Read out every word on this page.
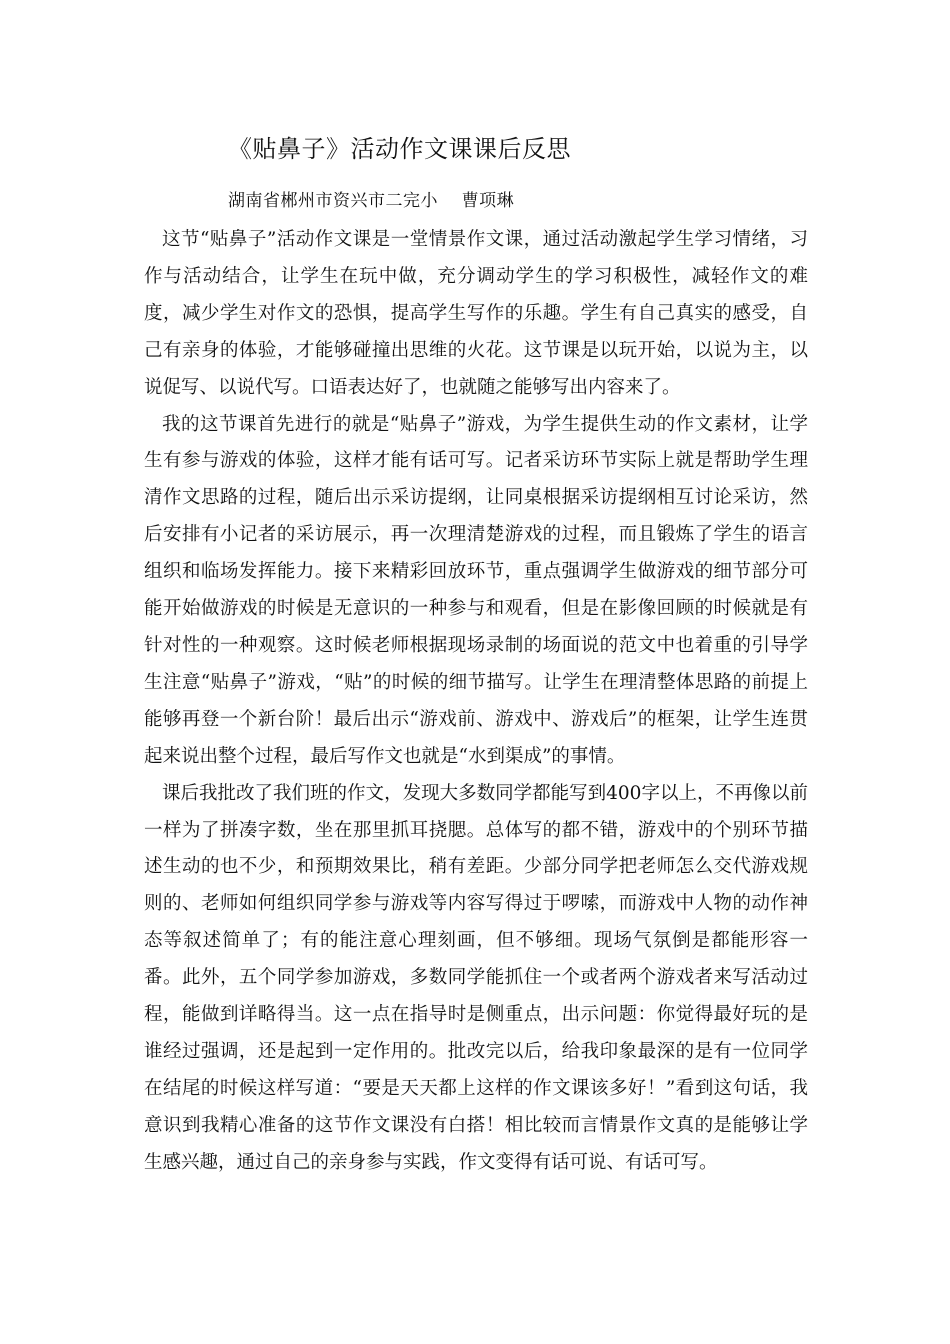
《贴鼻子》活动作文课课后反思
湖南省郴州市资兴市二完小    曹项琳

这节“贴鼻子”活动作文课是一堂情景作文课，通过活动激起学生学习情绪，习作与活动结合，让学生在玩中做，充分调动学生的学习积极性，减轻作文的难度，减少学生对作文的恐惧，提高学生写作的乐趣。学生有自己真实的感受，自己有亲身的体验，才能够碰撞出思维的火花。这节课是以玩开始，以说为主，以说促写、以说代写。口语表达好了，也就随之能够写出内容来了。

我的这节课首先进行的就是“贴鼻子”游戏，为学生提供生动的作文素材，让学生有参与游戏的体验，这样才能有话可写。记者采访环节实际上就是帮助学生理清作文思路的过程，随后出示采访提纲，让同桌根据采访提纲相互讨论采访，然后安排有小记者的采访展示，再一次理清楚游戏的过程，而且锻炼了学生的语言组织和临场发挥能力。接下来精彩回放环节，重点强调学生做游戏的细节部分可能开始做游戏的时候是无意识的一种参与和观看，但是在影像回顾的时候就是有针对性的一种观察。这时候老师根据现场录制的场面说的范文中也着重的引导学生注意“贴鼻子”游戏，“贴”的时候的细节描写。让学生在理清整体思路的前提上能够再登一个新台阶！最后出示“游戏前、游戏中、游戏后”的框架，让学生连贯起来说出整个过程，最后写作文也就是“水到渠成”的事情。

课后我批改了我们班的作文，发现大多数同学都能写到400字以上，不再像以前一样为了拼凑字数，坐在那里抓耳挠腮。总体写的都不错，游戏中的个别环节描述生动的也不少，和预期效果比，稍有差距。少部分同学把老师怎么交代游戏规则的、老师如何组织同学参与游戏等内容写得过于啰嗦，而游戏中人物的动作神态等叙述简单了；有的能注意心理刻画，但不够细。现场气氛倒是都能形容一番。此外，五个同学参加游戏，多数同学能抓住一个或者两个游戏者来写活动过程，能做到详略得当。这一点在指导时是侧重点，出示问题：你觉得最好玩的是谁经过强调，还是起到一定作用的。批改完以后，给我印象最深的是有一位同学在结尾的时候这样写道：“要是天天都上这样的作文课该多好！”看到这句话，我意识到我精心准备的这节作文课没有白搭！相比较而言情景作文真的是能够让学生感兴趣，通过自己的亲身参与实践，作文变得有话可说、有话可写。
